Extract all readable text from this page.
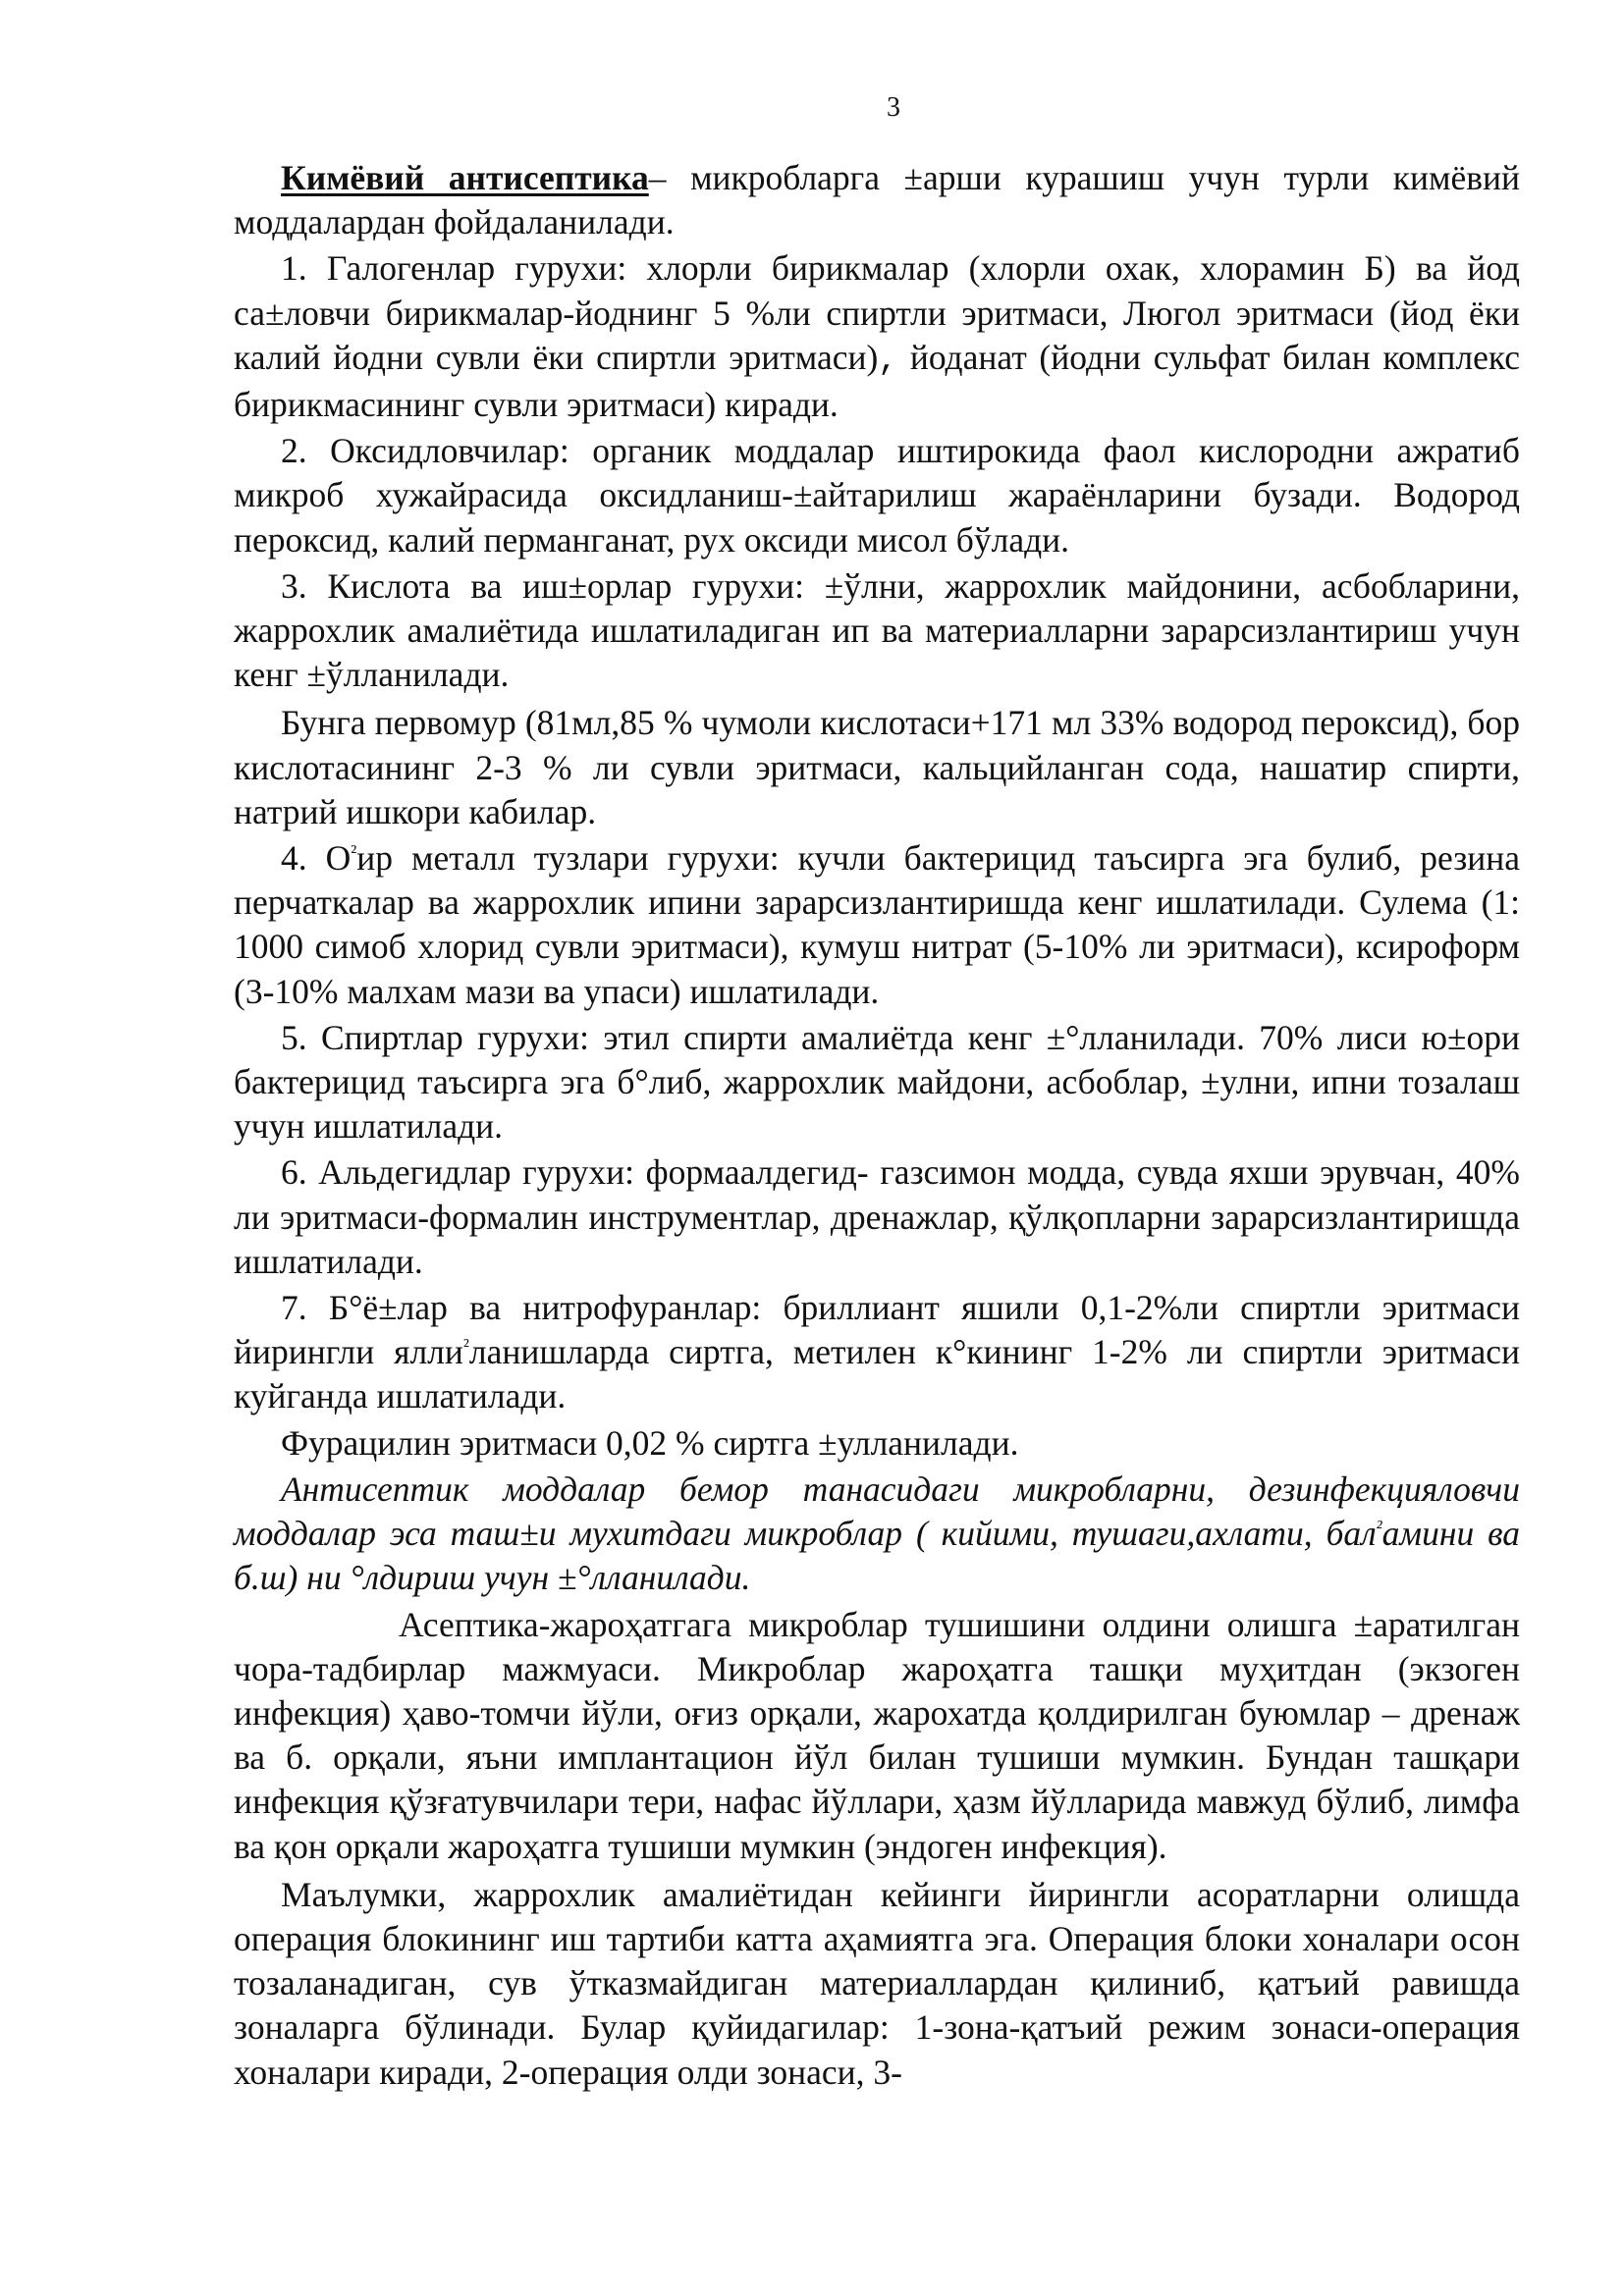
3

Кимёвий антисептика– микробларга ±арши курашиш учун турли кимёвий моддалардан фойдаланилади.

1. Галогенлар гурухи: хлорли бирикмалар (хлорли охак, хлорамин Б) ва йод са±ловчи бирикмалар-йоднинг 5 %ли спиртли эритмаси, Люгол эритмаси (йод ёки калий йодни сувли ёки спиртли эритмаси), йоданат (йодни сульфат билан комплекс бирикмасининг сувли эритмаси) киради.

2. Оксидловчилар: органик моддалар иштирокида фаол кислородни ажратиб микроб хужайрасида оксидланиш-±айтарилиш жараёнларини бузади. Водород пероксид, калий перманганат, рух оксиди мисол бўлади.

3. Кислота ва иш±орлар гурухи: ±ўлни, жаррохлик майдонини, асбобларини, жаррохлик амалиётида ишлатиладиган ип ва материалларни зарарсизлантириш учун кенг ±ўлланилади.

Бунга первомур (81мл,85 % чумоли кислотаси+171 мл 33% водород пероксид), бор кислотасининг 2-3 % ли сувли эритмаси, кальцийланган сода, нашатир спирти, натрий ишкори кабилар.

4. $О^{^2}ир$ металл тузлари гурухи: кучли бактерицид таъсирга эга булиб, резина перчаткалар ва жаррохлик ипини зарарсизлантиришда кенг ишлатилади. Сулема (1: 1000 симоб хлорид сувли эритмаси), кумуш нитрат (5-10% ли эритмаси), ксироформ (3-10% малхам мази ва упаси) ишлатилади.

5. Спиртлар гурухи: этил спирти амалиётда кенг ±°лланилади. 70% лиси ю±ори бактерицид таъсирга эга б°либ, жаррохлик майдони, асбоблар, ±улни, ипни тозалаш учун ишлатилади.

6. Альдегидлар гурухи: формаалдегид- газсимон модда, сувда яхши эрувчан, 40% ли эритмаси-формалин инструментлар, дренажлар, қўлқопларни зарарсизлантиришда ишлатилади.

7. Б°ё±лар ва нитрофуранлар: бриллиант яшили 0,1-2%ли спиртли эритмаси йирингли ялли$^{^2}$ланишларда сиртга, метилен к°кининг 1-2% ли спиртли эритмаси куйганда ишлатилади.

Фурацилин эритмаси 0,02 % сиртга ±улланилади.

Антисептик моддалар бемор танасидаги микробларни, дезинфекцияловчи моддалар эса таш±и мухитдаги микроблар ( кийими, тушаги,ахлати, бал$^{^2}$амини ва б.ш) ни °лдириш учун ±°лланилади.

Асептика-жароҳатгага микроблар тушишини олдини олишга ±аратилган чора-тадбирлар мажмуаси. Микроблар жароҳатга ташқи муҳитдан (экзоген инфекция) ҳаво-томчи йўли, оғиз орқали, жарохатда қолдирилган буюмлар – дренаж ва б. орқали, яъни имплантацион йўл билан тушиши мумкин. Бундан ташқари инфекция қўзғатувчилари тери, нафас йўллари, ҳазм йўлларида мавжуд бўлиб, лимфа ва қон орқали жароҳатга тушиши мумкин (эндоген инфекция).

Маълумки, жаррохлик амалиётидан кейинги йирингли асоратларни олишда операция блокининг иш тартиби катта аҳамиятга эга. Операция блоки хоналари осон тозаланадиган, сув ўтказмайдиган материаллардан қилиниб, қатъий равишда зоналарга бўлинади. Булар қуйидагилар: 1-зона-қатъий режим зонаси-операция хоналари киради, 2-операция олди зонаси, 3-
